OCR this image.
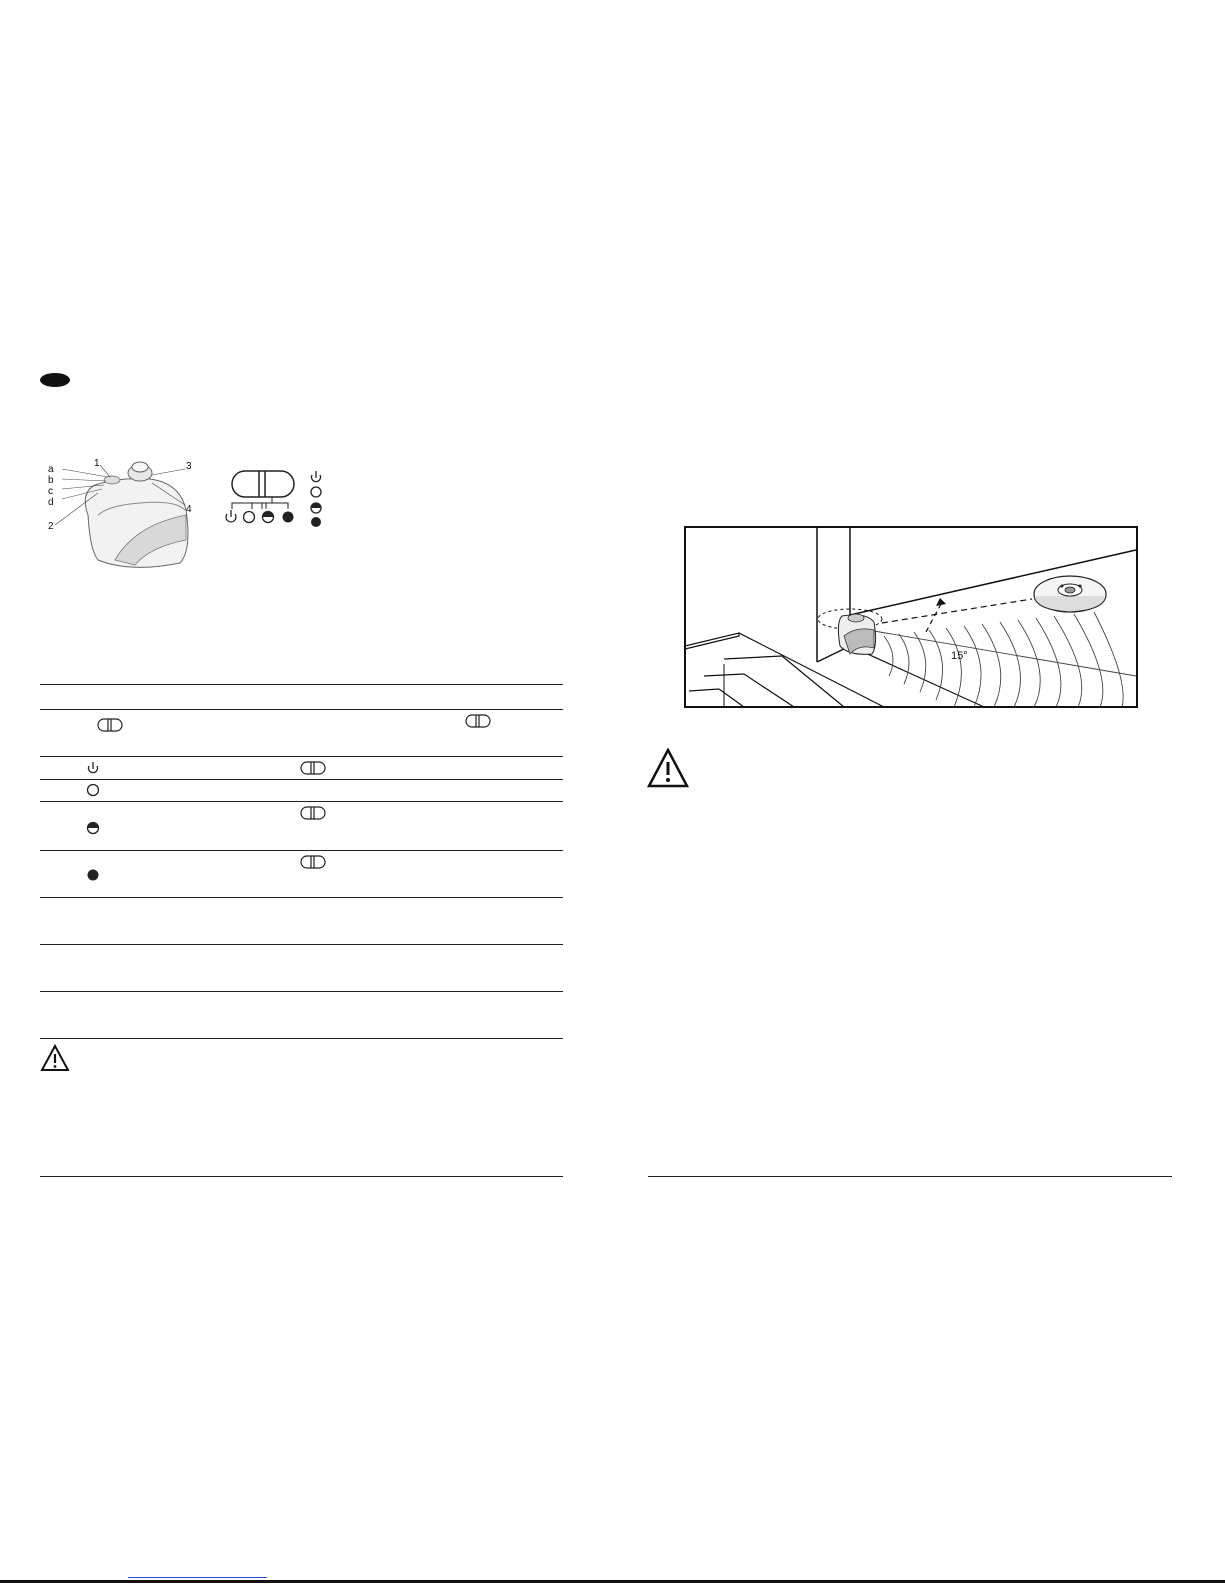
a
b
c
d
1
2
3
4
15°
